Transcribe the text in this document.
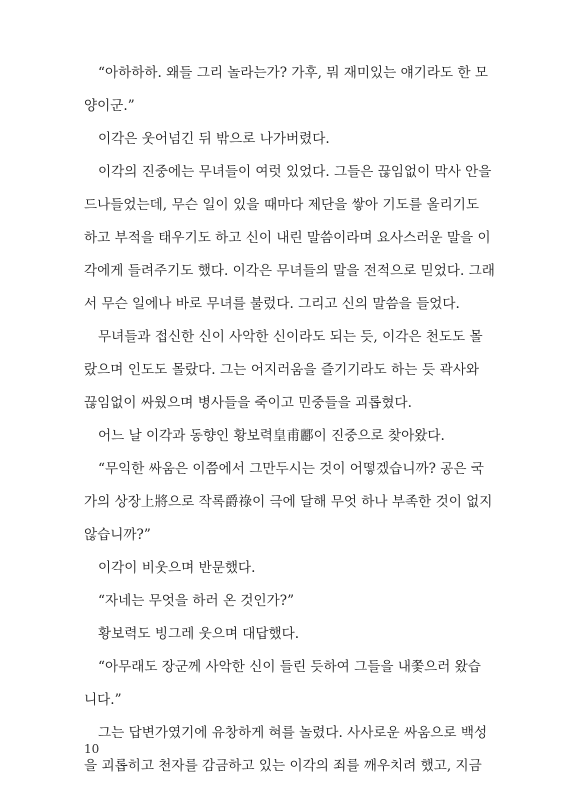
“아하하하. 왜들 그리 놀라는가? 가후, 뭐 재미있는 얘기라도 한 모
양이군.”
이각은 웃어넘긴 뒤 밖으로 나가버렸다.
이각의 진중에는 무녀들이 여럿 있었다. 그들은 끊임없이 막사 안을
드나들었는데, 무슨 일이 있을 때마다 제단을 쌓아 기도를 올리기도
하고 부적을 태우기도 하고 신이 내린 말씀이라며 요사스러운 말을 이
각에게 들려주기도 했다. 이각은 무녀들의 말을 전적으로 믿었다. 그래
서 무슨 일에나 바로 무녀를 불렀다. 그리고 신의 말씀을 들었다.
무녀들과 접신한 신이 사악한 신이라도 되는 듯, 이각은 천도도 몰
랐으며 인도도 몰랐다. 그는 어지러움을 즐기기라도 하는 듯 곽사와
끊임없이 싸웠으며 병사들을 죽이고 민중들을 괴롭혔다.
어느 날 이각과 동향인 황보력皇甫酈이 진중으로 찾아왔다.
“무익한 싸움은 이쯤에서 그만두시는 것이 어떻겠습니까? 공은 국
가의 상장上將으로 작록爵祿이 극에 달해 무엇 하나 부족한 것이 없지
않습니까?”
이각이 비웃으며 반문했다.
“자네는 무엇을 하러 온 것인가?”
황보력도 빙그레 웃으며 대답했다.
“아무래도 장군께 사악한 신이 들린 듯하여 그들을 내쫓으러 왔습
니다.”
그는 답변가였기에 유창하게 혀를 놀렸다. 사사로운 싸움으로 백성
을 괴롭히고 천자를 감금하고 있는 이각의 죄를 깨우치려 했고, 지금
10
